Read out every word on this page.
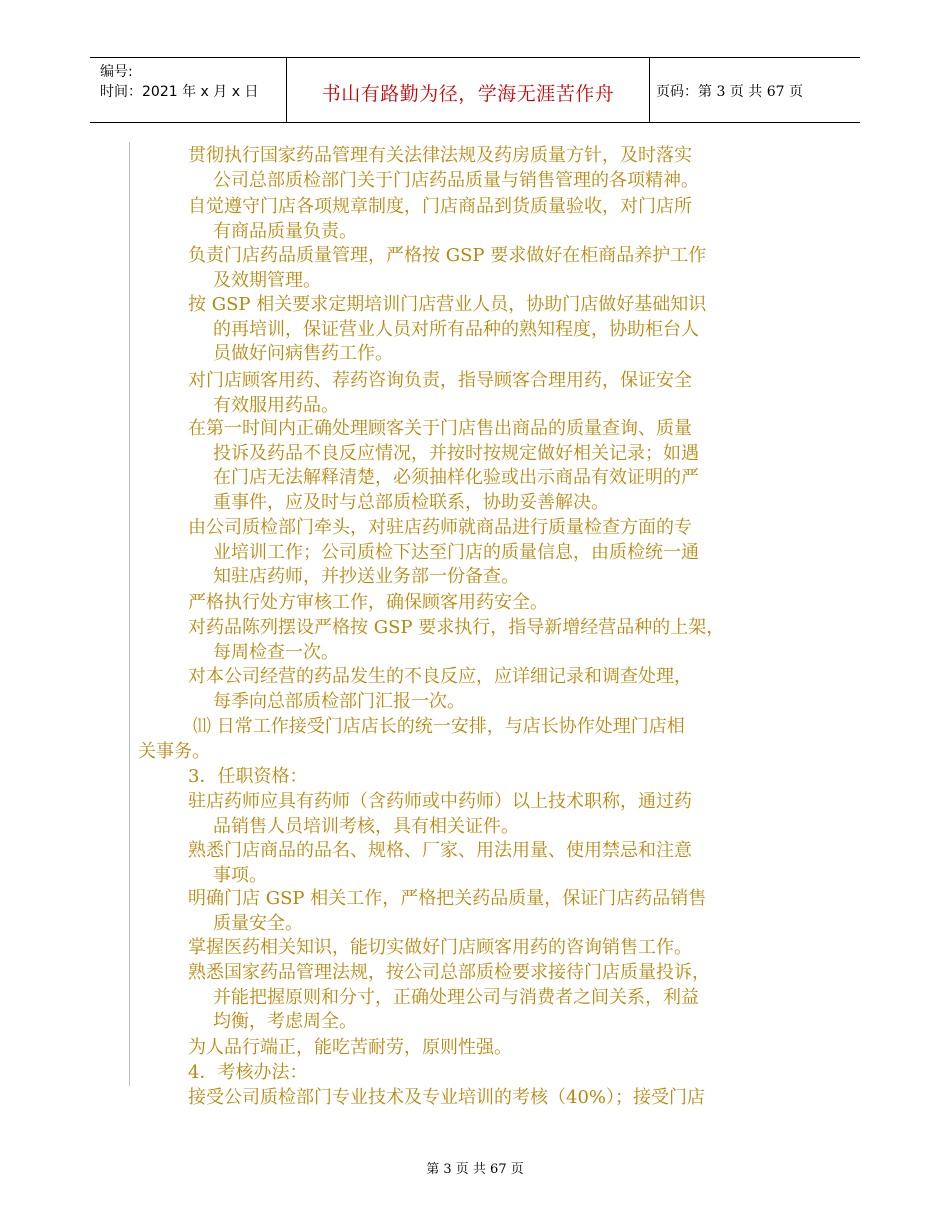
编号:
时间：2021 年 x 月 x 日	书山有路勤为径，学海无涯苦作舟	页码：第 3 页 共 67 页
贯彻执行国家药品管理有关法律法规及药房质量方针，及时落实
公司总部质检部门关于门店药品质量与销售管理的各项精神。
自觉遵守门店各项规章制度，门店商品到货质量验收，对门店所
有商品质量负责。
负责门店药品质量管理，严格按 GSP 要求做好在柜商品养护工作
及效期管理。
按 GSP 相关要求定期培训门店营业人员，协助门店做好基础知识
的再培训，保证营业人员对所有品种的熟知程度，协助柜台人
员做好问病售药工作。
对门店顾客用药、荐药咨询负责，指导顾客合理用药，保证安全
有效服用药品。
在第一时间内正确处理顾客关于门店售出商品的质量查询、质量
投诉及药品不良反应情况，并按时按规定做好相关记录；如遇
在门店无法解释清楚，必须抽样化验或出示商品有效证明的严
重事件，应及时与总部质检联系，协助妥善解决。
由公司质检部门牵头，对驻店药师就商品进行质量检查方面的专
业培训工作；公司质检下达至门店的质量信息，由质检统一通
知驻店药师，并抄送业务部一份备查。
严格执行处方审核工作，确保顾客用药安全。
对药品陈列摆设严格按 GSP 要求执行，指导新增经营品种的上架，
每周检查一次。
对本公司经营的药品发生的不良反应，应详细记录和调查处理，
每季向总部质检部门汇报一次。
⑾ 日常工作接受门店店长的统一安排，与店长协作处理门店相
关事务。
3．任职资格：
驻店药师应具有药师（含药师或中药师）以上技术职称，通过药
品销售人员培训考核，具有相关证件。
熟悉门店商品的品名、规格、厂家、用法用量、使用禁忌和注意
事项。
明确门店 GSP 相关工作，严格把关药品质量，保证门店药品销售
质量安全。
掌握医药相关知识，能切实做好门店顾客用药的咨询销售工作。
熟悉国家药品管理法规，按公司总部质检要求接待门店质量投诉，
并能把握原则和分寸，正确处理公司与消费者之间关系，利益
均衡，考虑周全。
为人品行端正，能吃苦耐劳，原则性强。
4．考核办法：
接受公司质检部门专业技术及专业培训的考核（40%）；接受门店
第 3 页 共 67 页
